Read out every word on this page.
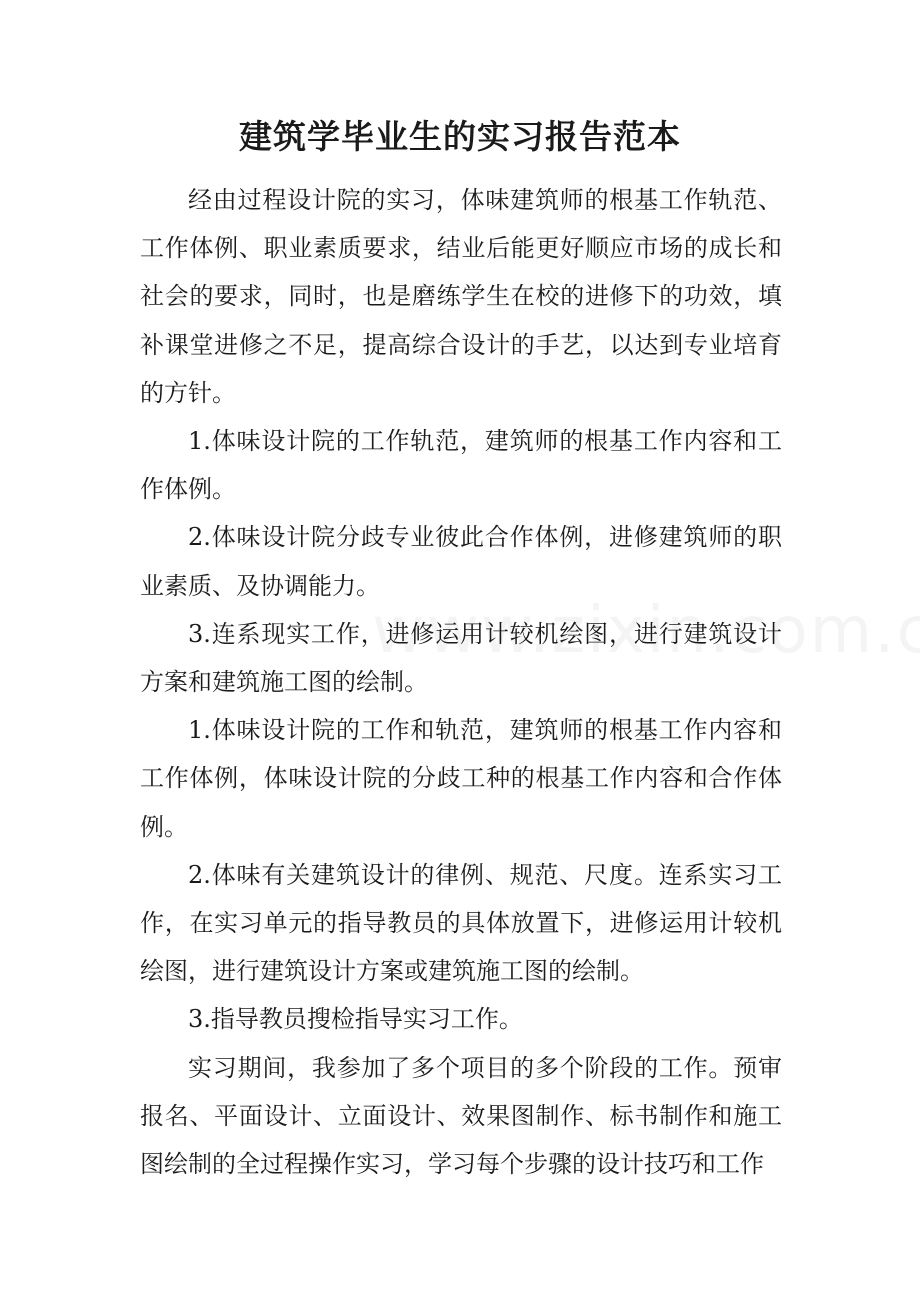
建筑学毕业生的实习报告范本

经由过程设计院的实习，体味建筑师的根基工作轨范、工作体例、职业素质要求，结业后能更好顺应市场的成长和社会的要求，同时，也是磨练学生在校的进修下的功效，填补课堂进修之不足，提高综合设计的手艺，以达到专业培育的方针。

1.体味设计院的工作轨范，建筑师的根基工作内容和工作体例。

2.体味设计院分歧专业彼此合作体例，进修建筑师的职业素质、及协调能力。

3.连系现实工作，进修运用计较机绘图，进行建筑设计方案和建筑施工图的绘制。

1.体味设计院的工作和轨范，建筑师的根基工作内容和工作体例，体味设计院的分歧工种的根基工作内容和合作体例。

2.体味有关建筑设计的律例、规范、尺度。连系实习工作，在实习单元的指导教员的具体放置下，进修运用计较机绘图，进行建筑设计方案或建筑施工图的绘制。

3.指导教员搜检指导实习工作。

实习期间，我参加了多个项目的多个阶段的工作。预审报名、平面设计、立面设计、效果图制作、标书制作和施工图绘制的全过程操作实习，学习每个步骤的设计技巧和工作
